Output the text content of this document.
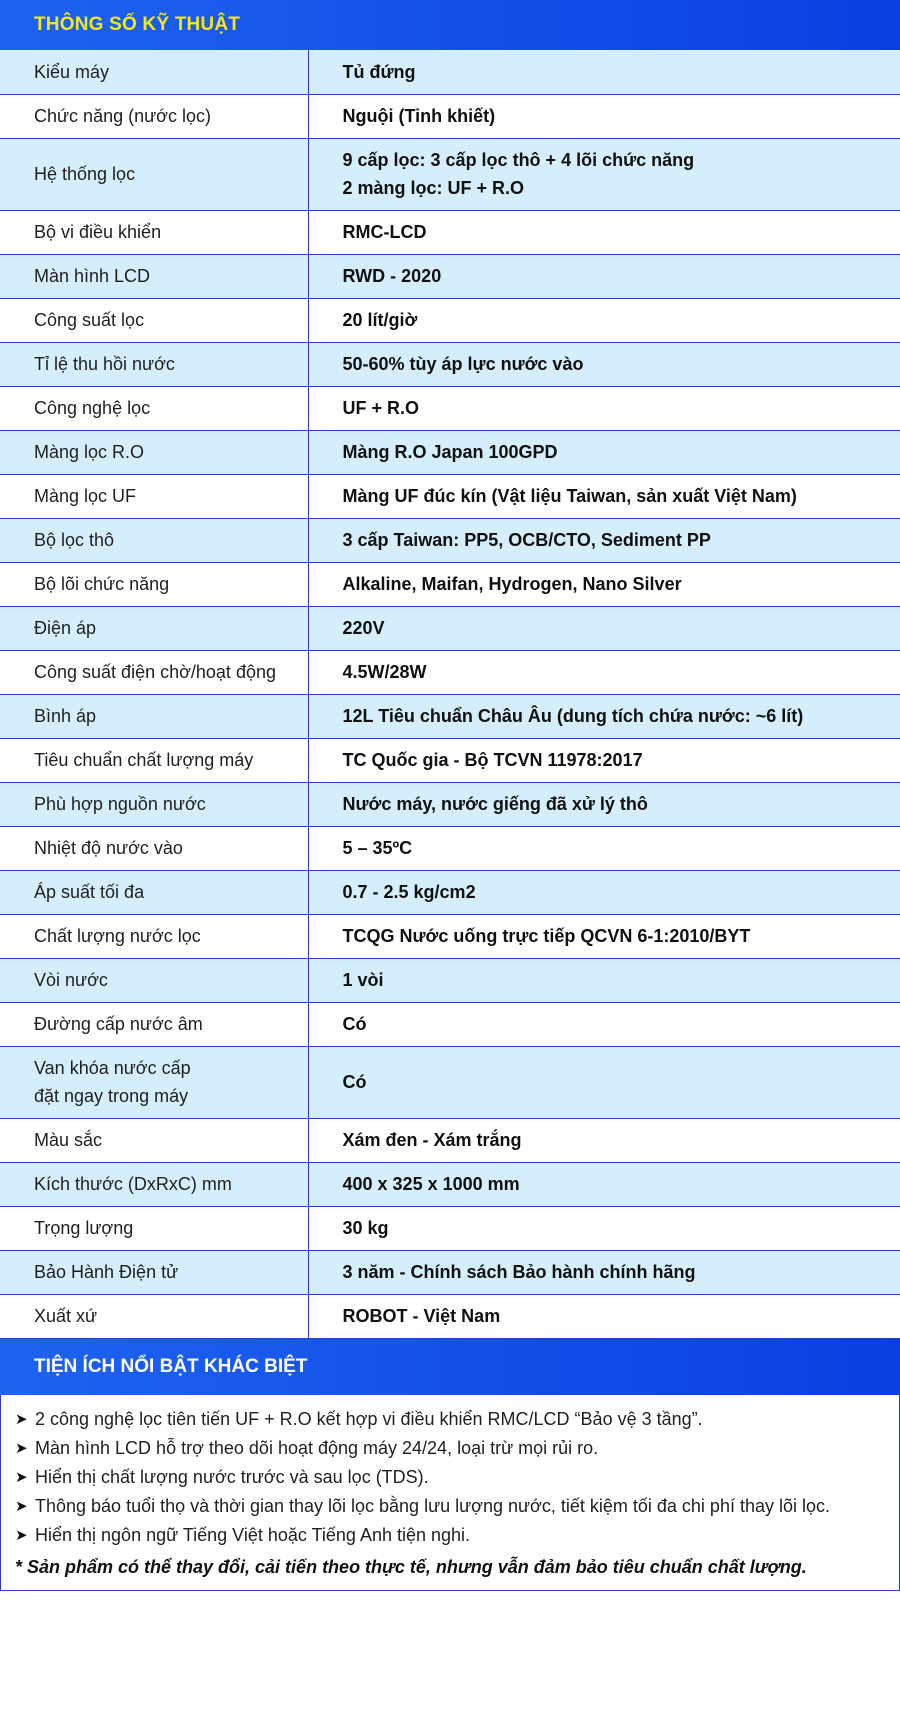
THÔNG SỐ KỸ THUẬT
Kiểu máy	Tủ đứng

Chức năng (nước lọc)	Nguội (Tinh khiết)

Hệ thống lọc	9 cấp lọc: 3 cấp lọc thô + 4 lõi chức năng
2 màng lọc: UF + R.O

Bộ vi điều khiển	RMC-LCD

Màn hình LCD	RWD - 2020

Công suất lọc	20 lít/giờ

Tỉ lệ thu hồi nước	50-60% tùy áp lực nước vào

Công nghệ lọc	UF + R.O

Màng lọc R.O	Màng R.O Japan 100GPD

Màng lọc UF	Màng UF đúc kín (Vật liệu Taiwan, sản xuất Việt Nam)

Bộ lọc thô	3 cấp Taiwan: PP5, OCB/CTO, Sediment PP

Bộ lõi chức năng	Alkaline, Maifan, Hydrogen, Nano Silver

Điện áp	220V

Công suất điện chờ/hoạt động	4.5W/28W

Bình áp	12L Tiêu chuẩn Châu Âu (dung tích chứa nước: ~6 lít)

Tiêu chuẩn chất lượng máy	TC Quốc gia - Bộ TCVN 11978:2017

Phù hợp nguồn nước	Nước máy, nước giếng đã xử lý thô

Nhiệt độ nước vào	5 – 35ºC

Áp suất tối đa	0.7 - 2.5 kg/cm2

Chất lượng nước lọc	TCQG Nước uống trực tiếp QCVN 6-1:2010/BYT

Vòi nước	1 vòi

Đường cấp nước âm	Có

Van khóa nước cấp
đặt ngay trong máy	Có

Màu sắc	Xám đen - Xám trắng

Kích thước (DxRxC) mm	400 x 325 x 1000 mm

Trọng lượng	30 kg

Bảo Hành Điện tử	3 năm - Chính sách Bảo hành chính hãng

Xuất xứ	ROBOT - Việt Nam
TIỆN ÍCH NỔI BẬT KHÁC BIỆT
➤ 2 công nghệ lọc tiên tiến UF + R.O kết hợp vi điều khiển RMC/LCD “Bảo vệ 3 tầng”.
➤ Màn hình LCD hỗ trợ theo dõi hoạt động máy 24/24, loại trừ mọi rủi ro.
➤ Hiển thị chất lượng nước trước và sau lọc (TDS).
➤ Thông báo tuổi thọ và thời gian thay lõi lọc bằng lưu lượng nước, tiết kiệm tối đa chi phí thay lõi lọc.
➤ Hiển thị ngôn ngữ Tiếng Việt hoặc Tiếng Anh tiện nghi.
* Sản phẩm có thể thay đổi, cải tiến theo thực tế, nhưng vẫn đảm bảo tiêu chuẩn chất lượng.
